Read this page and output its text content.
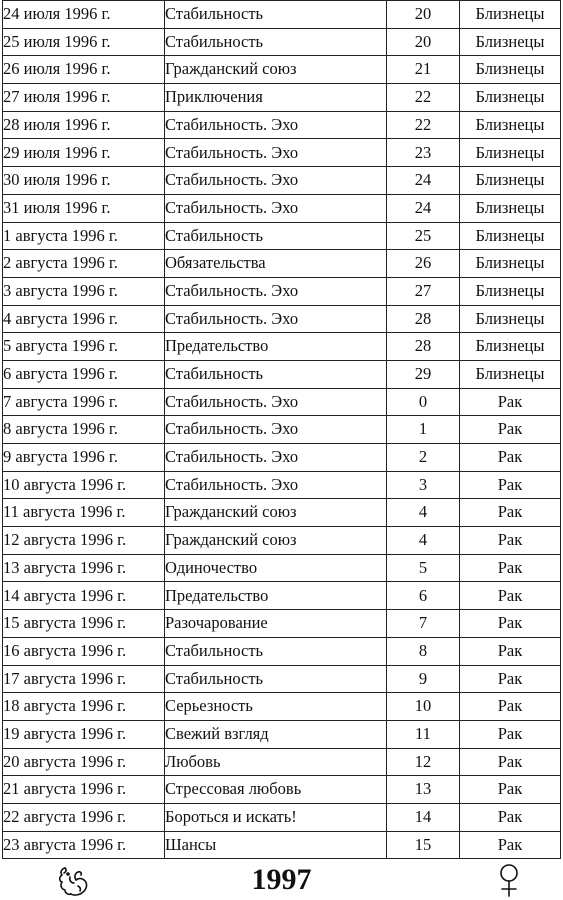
24 июля 1996 г.	Стабильность	20	Близнецы
25 июля 1996 г.	Стабильность	20	Близнецы
26 июля 1996 г.	Гражданский союз	21	Близнецы
27 июля 1996 г.	Приключения	22	Близнецы
28 июля 1996 г.	Стабильность. Эхо	22	Близнецы
29 июля 1996 г.	Стабильность. Эхо	23	Близнецы
30 июля 1996 г.	Стабильность. Эхо	24	Близнецы
31 июля 1996 г.	Стабильность. Эхо	24	Близнецы
1 августа 1996 г.	Стабильность	25	Близнецы
2 августа 1996 г.	Обязательства	26	Близнецы
3 августа 1996 г.	Стабильность. Эхо	27	Близнецы
4 августа 1996 г.	Стабильность. Эхо	28	Близнецы
5 августа 1996 г.	Предательство	28	Близнецы
6 августа 1996 г.	Стабильность	29	Близнецы
7 августа 1996 г.	Стабильность. Эхо	0	Рак
8 августа 1996 г.	Стабильность. Эхо	1	Рак
9 августа 1996 г.	Стабильность. Эхо	2	Рак
10 августа 1996 г.	Стабильность. Эхо	3	Рак
11 августа 1996 г.	Гражданский союз	4	Рак
12 августа 1996 г.	Гражданский союз	4	Рак
13 августа 1996 г.	Одиночество	5	Рак
14 августа 1996 г.	Предательство	6	Рак
15 августа 1996 г.	Разочарование	7	Рак
16 августа 1996 г.	Стабильность	8	Рак
17 августа 1996 г.	Стабильность	9	Рак
18 августа 1996 г.	Серьезность	10	Рак
19 августа 1996 г.	Свежий взгляд	11	Рак
20 августа 1996 г.	Любовь	12	Рак
21 августа 1996 г.	Стрессовая любовь	13	Рак
22 августа 1996 г.	Бороться и искать!	14	Рак
23 августа 1996 г.	Шансы	15	Рак
1997
